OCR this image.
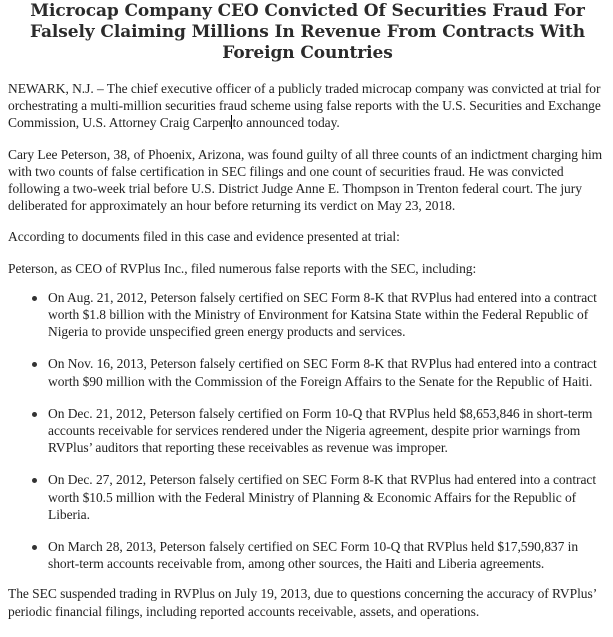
Microcap Company CEO Convicted Of Securities Fraud For Falsely Claiming Millions In Revenue From Contracts With Foreign Countries

NEWARK, N.J. – The chief executive officer of a publicly traded microcap company was convicted at trial for orchestrating a multi-million securities fraud scheme using false reports with the U.S. Securities and Exchange Commission, U.S. Attorney Craig Carpento announced today.

Cary Lee Peterson, 38, of Phoenix, Arizona, was found guilty of all three counts of an indictment charging him with two counts of false certification in SEC filings and one count of securities fraud. He was convicted following a two-week trial before U.S. District Judge Anne E. Thompson in Trenton federal court. The jury deliberated for approximately an hour before returning its verdict on May 23, 2018.

According to documents filed in this case and evidence presented at trial:

Peterson, as CEO of RVPlus Inc., filed numerous false reports with the SEC, including:

On Aug. 21, 2012, Peterson falsely certified on SEC Form 8-K that RVPlus had entered into a contract worth $1.8 billion with the Ministry of Environment for Katsina State within the Federal Republic of Nigeria to provide unspecified green energy products and services.
On Nov. 16, 2013, Peterson falsely certified on SEC Form 8-K that RVPlus had entered into a contract worth $90 million with the Commission of the Foreign Affairs to the Senate for the Republic of Haiti.
On Dec. 21, 2012, Peterson falsely certified on Form 10-Q that RVPlus held $8,653,846 in short-term accounts receivable for services rendered under the Nigeria agreement, despite prior warnings from RVPlus’ auditors that reporting these receivables as revenue was improper.
On Dec. 27, 2012, Peterson falsely certified on SEC Form 8-K that RVPlus had entered into a contract worth $10.5 million with the Federal Ministry of Planning & Economic Affairs for the Republic of Liberia.
On March 28, 2013, Peterson falsely certified on SEC Form 10-Q that RVPlus held $17,590,837 in short-term accounts receivable from, among other sources, the Haiti and Liberia agreements.

The SEC suspended trading in RVPlus on July 19, 2013, due to questions concerning the accuracy of RVPlus’ periodic financial filings, including reported accounts receivable, assets, and operations.
